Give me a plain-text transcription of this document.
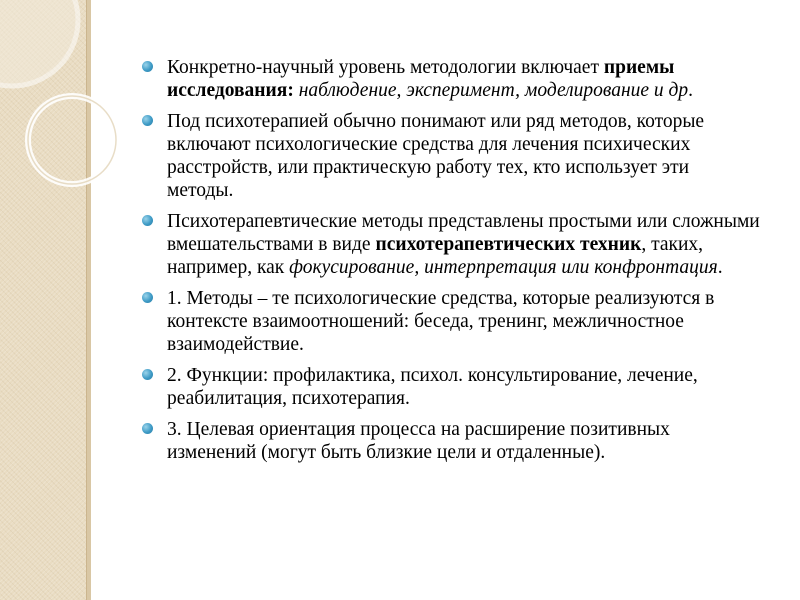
Конкретно-научный уровень методологии включает приемы исследования: наблюдение, эксперимент, моделирование и др.
Под психотерапией обычно понимают или ряд методов, которые включают психологические средства для лечения психических расстройств, или практическую работу тех, кто использует эти методы.
Психотерапевтические методы представлены простыми или сложными вмешательствами в виде психотерапевтических техник, таких, например, как фокусирование, интерпретация или конфронтация.
1. Методы – те психологические средства, которые реализуются в контексте взаимоотношений: беседа, тренинг, межличностное взаимодействие.
2. Функции: профилактика, психол. консультирование, лечение, реабилитация, психотерапия.
3. Целевая ориентация процесса на расширение позитивных изменений (могут быть близкие цели и отдаленные).
